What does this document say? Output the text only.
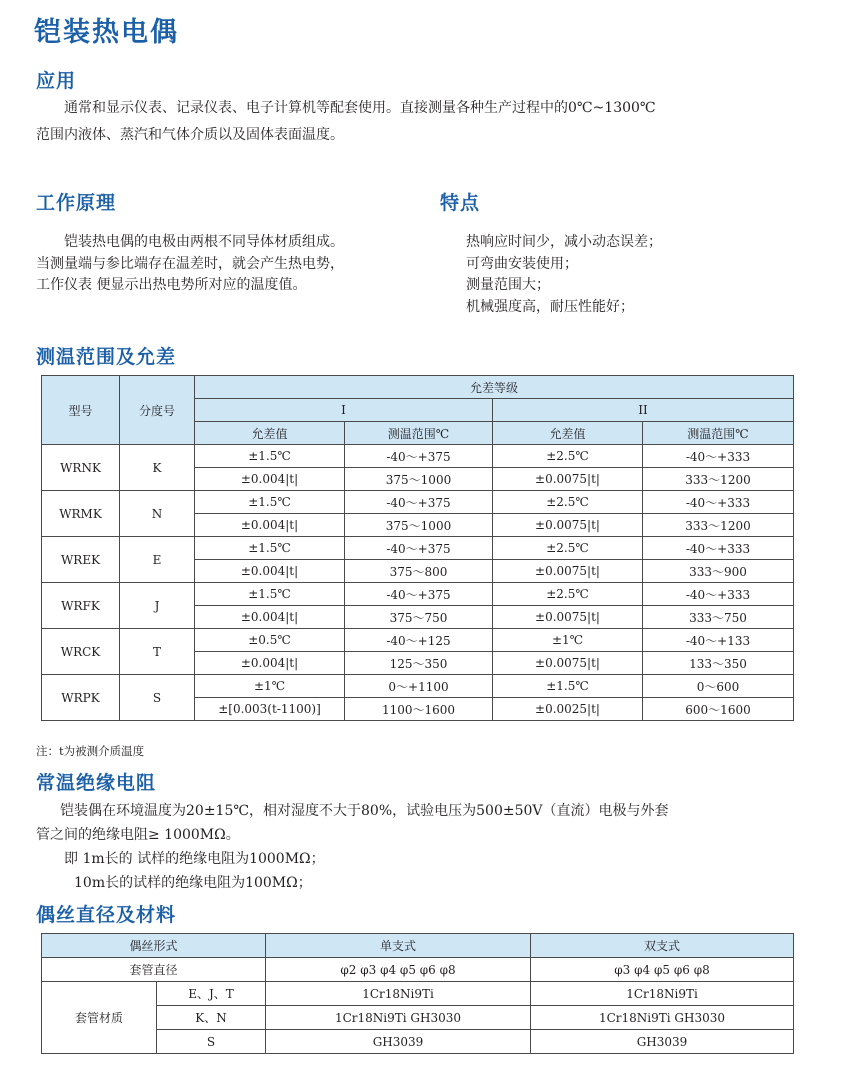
铠装热电偶
应用
通常和显示仪表、记录仪表、电子计算机等配套使用。直接测量各种生产过程中的0℃~1300℃
范围内液体、蒸汽和气体介质以及固体表面温度。
工作原理
铠装热电偶的电极由两根不同导体材质组成。
当测量端与参比端存在温差时，就会产生热电势，
工作仪表 便显示出热电势所对应的温度值。
特点
热响应时间少，减小动态误差；
可弯曲安装使用；
测量范围大；
机械强度高，耐压性能好；
测温范围及允差
型号	分度号	允差等级			
		I		II	
		允差值	测温范围℃	允差值	测温范围℃
WRNK	K	±1.5℃	-40～+375	±2.5℃	-40～+333
		±0.004|t|	375～1000	±0.0075|t|	333～1200
WRMK	N	±1.5℃	-40～+375	±2.5℃	-40～+333
		±0.004|t|	375～1000	±0.0075|t|	333～1200
WREK	E	±1.5℃	-40～+375	±2.5℃	-40～+333
		±0.004|t|	375～800	±0.0075|t|	333～900
WRFK	J	±1.5℃	-40～+375	±2.5℃	-40～+333
		±0.004|t|	375～750	±0.0075|t|	333～750
WRCK	T	±0.5℃	-40～+125	±1℃	-40～+133
		±0.004|t|	125～350	±0.0075|t|	133～350
WRPK	S	±1℃	0～+1100	±1.5℃	0～600
		±[0.003(t-1100)]	1100～1600	±0.0025|t|	600～1600
注：t为被测介质温度
常温绝缘电阻
铠装偶在环境温度为20±15℃，相对湿度不大于80%，试验电压为500±50V（直流）电极与外套
管之间的绝缘电阻≥ 1000MΩ。
即 1m长的 试样的绝缘电阻为1000MΩ；
10m长的试样的绝缘电阻为100MΩ；
偶丝直径及材料
偶丝形式		单支式	双支式
套管直径		φ2 φ3 φ4 φ5 φ6 φ8	φ3 φ4 φ5 φ6 φ8
套管材质	E、J、T	1Cr18Ni9Ti	1Cr18Ni9Ti
	K、N	1Cr18Ni9Ti GH3030	1Cr18Ni9Ti GH3030
	S	GH3039	GH3039
